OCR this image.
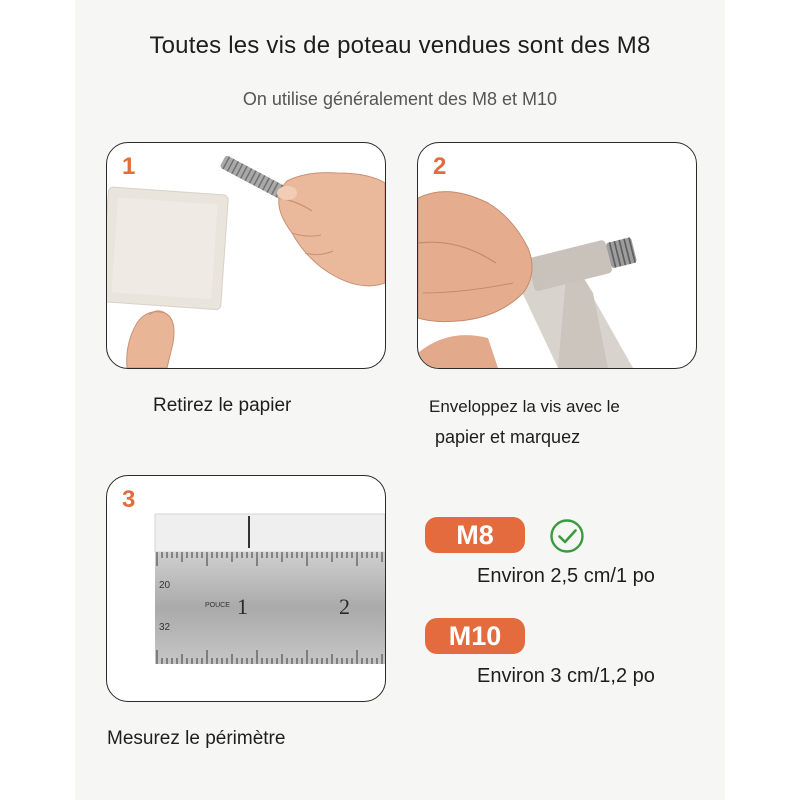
Toutes les vis de poteau vendues sont des M8
On utilise généralement des M8 et M10
1	2
Retirez le papier	Enveloppez la vis avec le
papier et marquez
3
20
32
POUCE 1	2
M8
Environ 2,5 cm/1 po
M10
Environ 3 cm/1,2 po
Mesurez le périmètre
